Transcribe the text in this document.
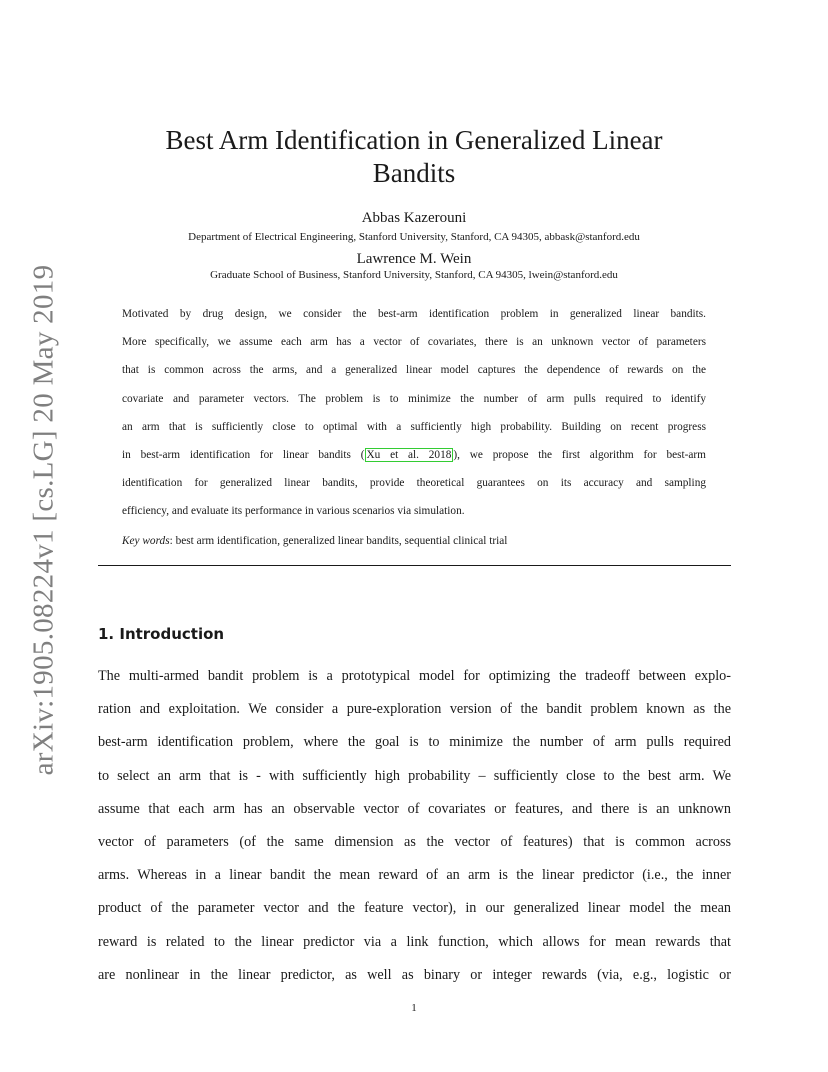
arXiv:1905.08224v1 [cs.LG] 20 May 2019
Best Arm Identification in Generalized Linear
Bandits
Abbas Kazerouni
Department of Electrical Engineering, Stanford University, Stanford, CA 94305, abbask@stanford.edu
Lawrence M. Wein
Graduate School of Business, Stanford University, Stanford, CA 94305, lwein@stanford.edu
Motivated by drug design, we consider the best-arm identification problem in generalized linear bandits.
More specifically, we assume each arm has a vector of covariates, there is an unknown vector of parameters
that is common across the arms, and a generalized linear model captures the dependence of rewards on the
covariate and parameter vectors. The problem is to minimize the number of arm pulls required to identify
an arm that is sufficiently close to optimal with a sufficiently high probability. Building on recent progress
in best-arm identification for linear bandits ( Xu et al. 2018 ), we propose the first algorithm for best-arm
identification for generalized linear bandits, provide theoretical guarantees on its accuracy and sampling
efficiency, and evaluate its performance in various scenarios via simulation.
Key words: best arm identification, generalized linear bandits, sequential clinical trial
1. Introduction
The multi-armed bandit problem is a prototypical model for optimizing the tradeoff between explo-
ration and exploitation. We consider a pure-exploration version of the bandit problem known as the
best-arm identification problem, where the goal is to minimize the number of arm pulls required
to select an arm that is - with sufficiently high probability – sufficiently close to the best arm. We
assume that each arm has an observable vector of covariates or features, and there is an unknown
vector of parameters (of the same dimension as the vector of features) that is common across
arms. Whereas in a linear bandit the mean reward of an arm is the linear predictor (i.e., the inner
product of the parameter vector and the feature vector), in our generalized linear model the mean
reward is related to the linear predictor via a link function, which allows for mean rewards that
are nonlinear in the linear predictor, as well as binary or integer rewards (via, e.g., logistic or
1
